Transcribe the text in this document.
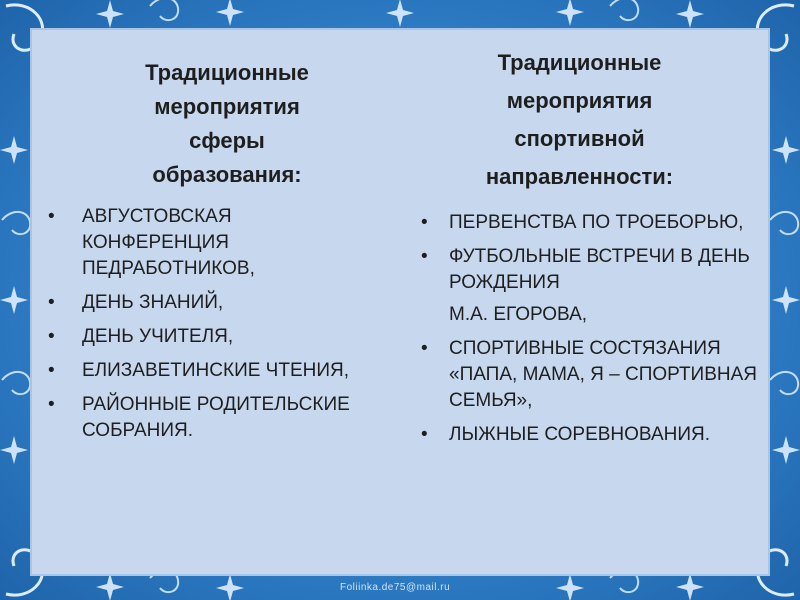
Традиционные
мероприятия
сферы
образования:
• АВГУСТОВСКАЯ КОНФЕРЕНЦИЯ ПЕДРАБОТНИКОВ,
• ДЕНЬ ЗНАНИЙ,
• ДЕНЬ УЧИТЕЛЯ,
• ЕЛИЗАВЕТИНСКИЕ ЧТЕНИЯ,
• РАЙОННЫЕ РОДИТЕЛЬСКИЕ СОБРАНИЯ.
Традиционные
мероприятия
спортивной
направленности:
• ПЕРВЕНСТВА ПО ТРОЕБОРЬЮ,
• ФУТБОЛЬНЫЕ ВСТРЕЧИ В ДЕНЬ РОЖДЕНИЯ
М.А. ЕГОРОВА,
• СПОРТИВНЫЕ СОСТЯЗАНИЯ «ПАПА, МАМА, Я – СПОРТИВНАЯ СЕМЬЯ»,
• ЛЫЖНЫЕ СОРЕВНОВАНИЯ.
Foliinka.de75@mail.ru
